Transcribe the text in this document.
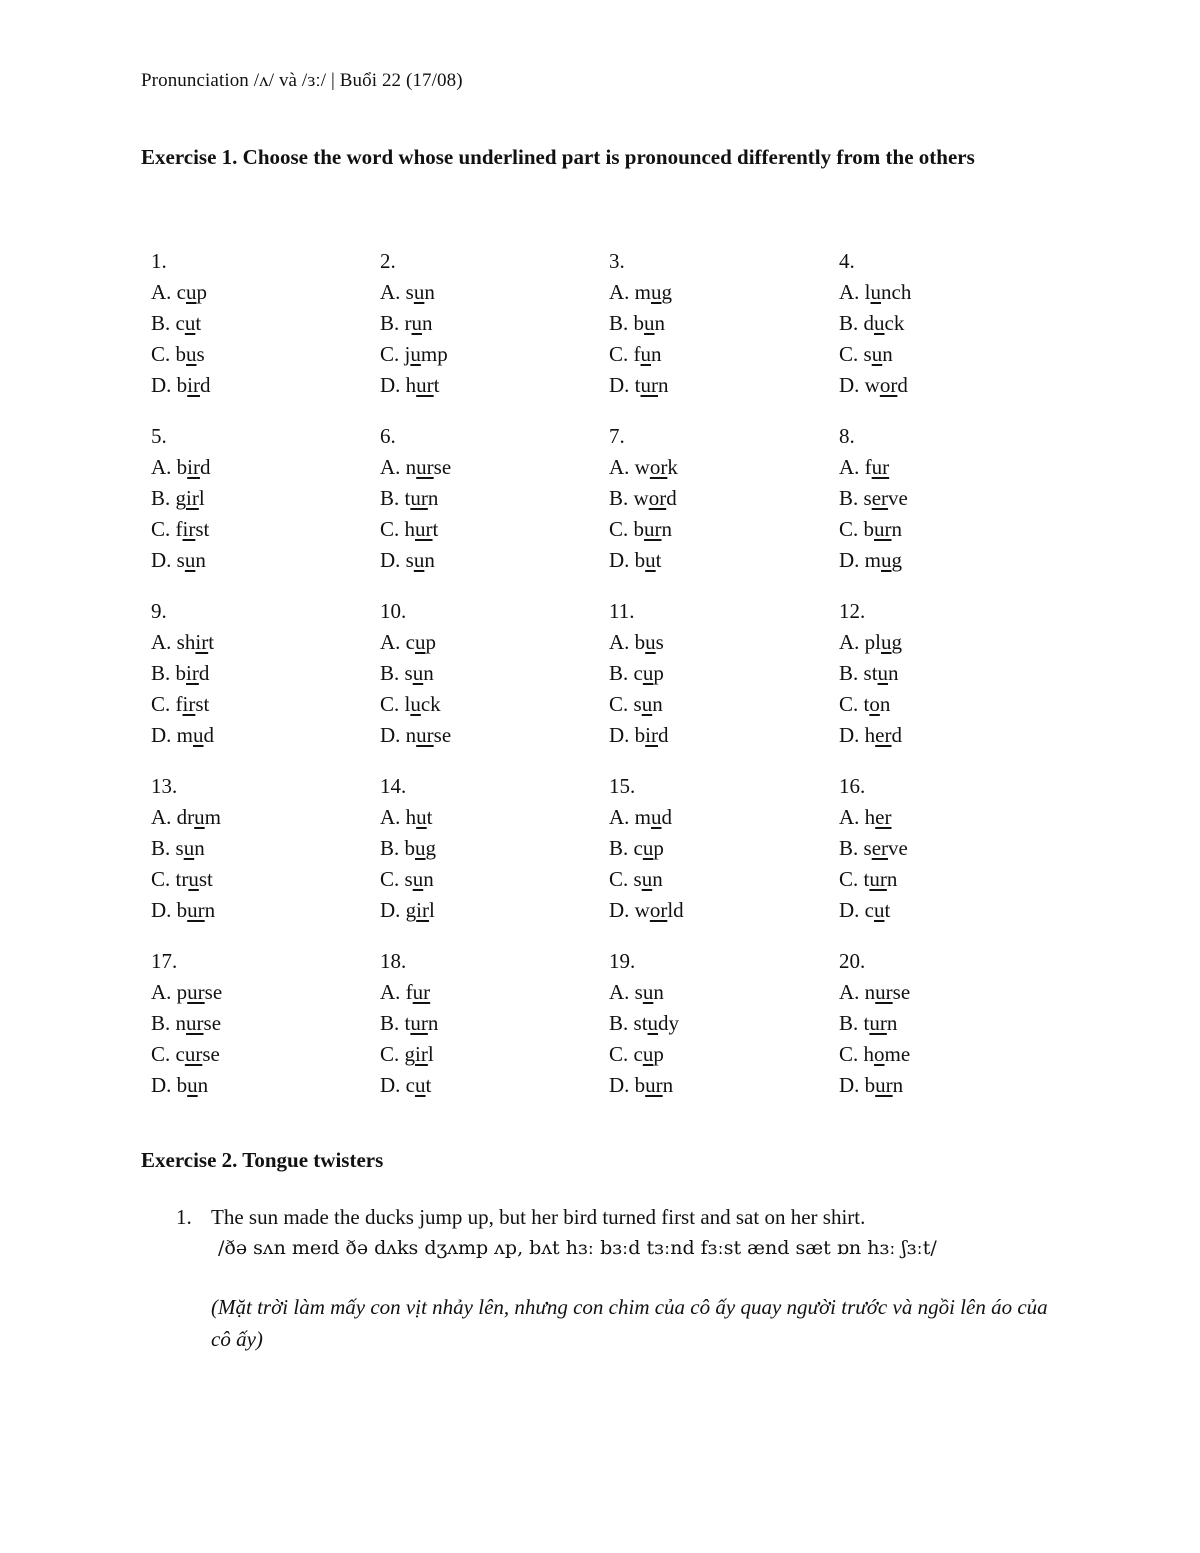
Pronunciation /ʌ/ và /ɜː/ | Buổi 22 (17/08)
Exercise 1. Choose the word whose underlined part is pronounced differently from the others
1.
A. cup
B. cut
C. bus
D. bird
2.
A. sun
B. run
C. jump
D. hurt
3.
A. mug
B. bun
C. fun
D. turn
4.
A. lunch
B. duck
C. sun
D. word
5.
A. bird
B. girl
C. first
D. sun
6.
A. nurse
B. turn
C. hurt
D. sun
7.
A. work
B. word
C. burn
D. but
8.
A. fur
B. serve
C. burn
D. mug
9.
A. shirt
B. bird
C. first
D. mud
10.
A. cup
B. sun
C. luck
D. nurse
11.
A. bus
B. cup
C. sun
D. bird
12.
A. plug
B. stun
C. ton
D. herd
13.
A. drum
B. sun
C. trust
D. burn
14.
A. hut
B. bug
C. sun
D. girl
15.
A. mud
B. cup
C. sun
D. world
16.
A. her
B. serve
C. turn
D. cut
17.
A. purse
B. nurse
C. curse
D. bun
18.
A. fur
B. turn
C. girl
D. cut
19.
A. sun
B. study
C. cup
D. burn
20.
A. nurse
B. turn
C. home
D. burn
Exercise 2. Tongue twisters
1. The sun made the ducks jump up, but her bird turned first and sat on her shirt.
/ðə sʌn meɪd ðə dʌks dʒʌmp ʌp, bʌt hɜː bɜːd tɜːnd fɜːst ænd sæt ɒn hɜː ʃɜːt/
(Mặt trời làm mấy con vịt nhảy lên, nhưng con chim của cô ấy quay người trước và ngồi lên áo của cô ấy)
